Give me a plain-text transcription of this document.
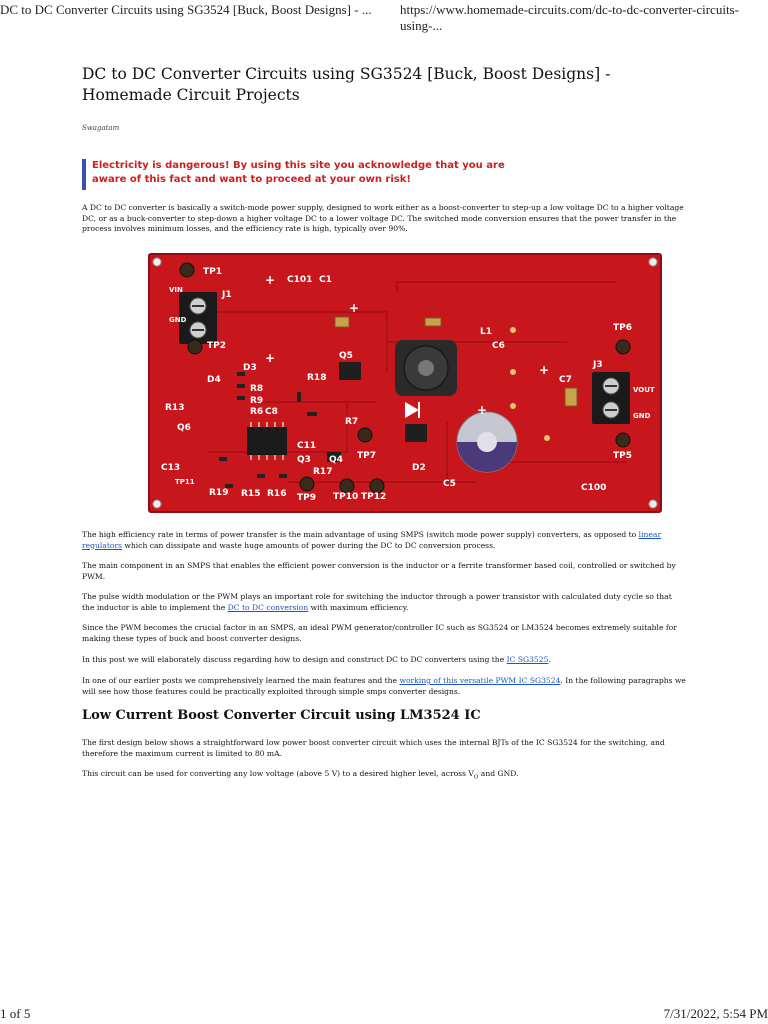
DC to DC Converter Circuits using SG3524 [Buck, Boost Designs] - ... https://www.homemade-circuits.com/dc-to-dc-converter-circuits-using-...
DC to DC Converter Circuits using SG3524 [Buck, Boost Designs] - Homemade Circuit Projects
Swagatam
Electricity is dangerous! By using this site you acknowledge that you are aware of this fact and want to proceed at your own risk!

A DC to DC converter is basically a switch-mode power supply, designed to work either as a boost-converter to step-up a low voltage DC to a higher voltage DC, or as a buck-converter to step-down a higher voltage DC to a lower voltage DC. The switched mode conversion ensures that the power transfer in the process involves minimum losses, and the efficiency rate is high, typically over 90%.

TP1
VIN
GND
J1
TP2
C101 C1
D3
D4
R8
R9
R6 C8
R13
Q6
C13
TP11
R19 R15 R16 TP9
R17
Q3 Q4
C11
TP10 TP12
TP7
R7
R18
Q5
L1
C6
D2
C5
C7
J3
TP6
TP5
C100
VOUT
GND
+
+
+
+
+

The high efficiency rate in terms of power transfer is the main advantage of using SMPS (switch mode power supply) converters, as opposed to linear regulators which can dissipate and waste huge amounts of power during the DC to DC conversion process.

The main component in an SMPS that enables the efficient power conversion is the inductor or a ferrite transformer based coil, controlled or switched by PWM.

The pulse width modulation or the PWM plays an important role for switching the inductor through a power transistor with calculated duty cycle so that the inductor is able to implement the DC to DC conversion with maximum efficiency.

Since the PWM becomes the crucial factor in an SMPS, an ideal PWM generator/controller IC such as SG3524 or LM3524 becomes extremely suitable for making these types of buck and boost converter designs.

In this post we will elaborately discuss regarding how to design and construct DC to DC converters using the IC SG3525.

In one of our earlier posts we comprehensively learned the main features and the working of this versatile PWM IC SG3524. In the following paragraphs we will see how those features could be practically exploited through simple smps converter designs.

Low Current Boost Converter Circuit using LM3524 IC

The first design below shows a straightforward low power boost converter circuit which uses the internal BJTs of the IC SG3524 for the switching, and therefore the maximum current is limited to 80 mA.

This circuit can be used for converting any low voltage (above 5 V) to a desired higher level, across $V_O$ and GND.

1 of 5	7/31/2022, 5:54 PM
